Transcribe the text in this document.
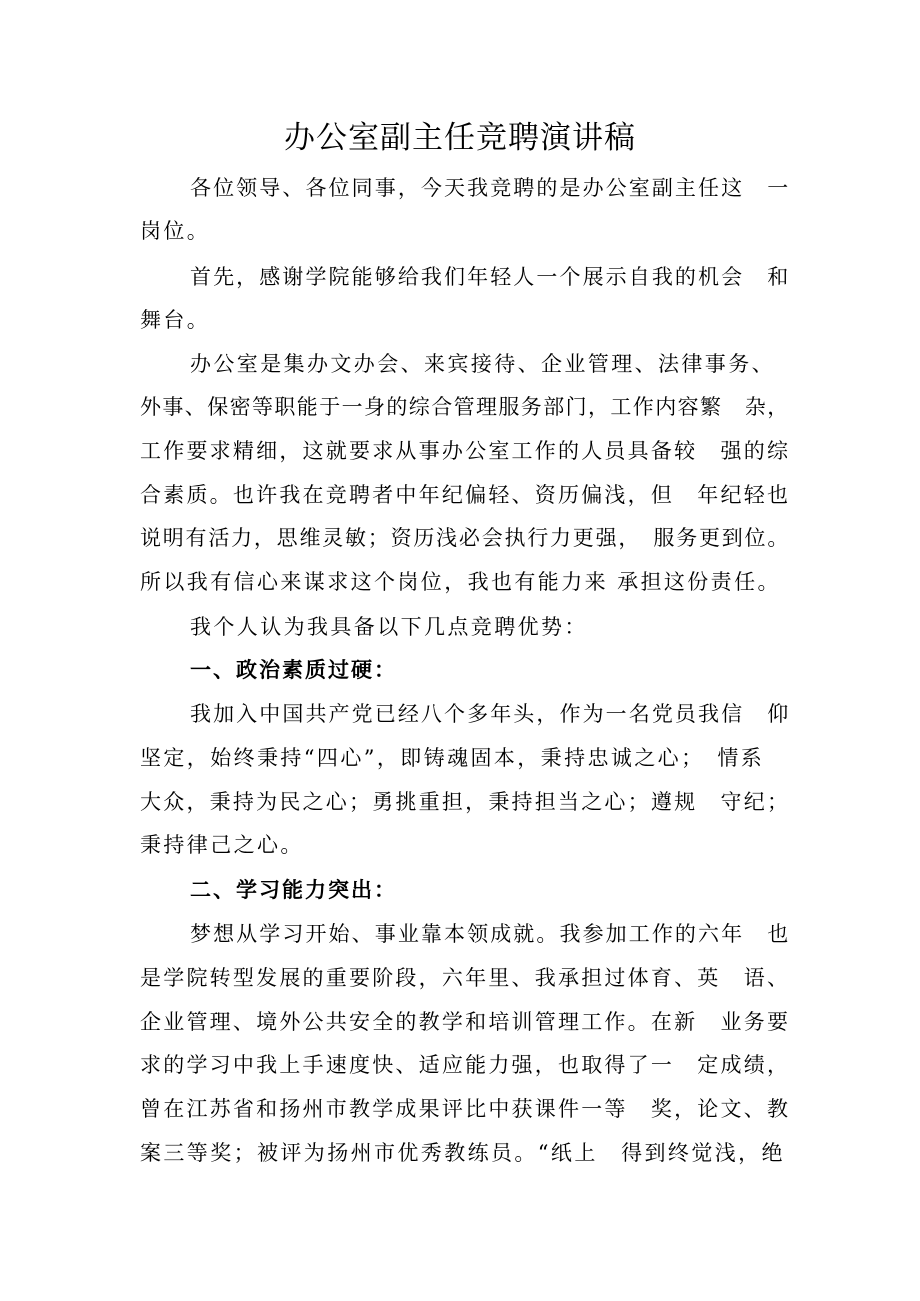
办公室副主任竞聘演讲稿
各位领导、各位同事，今天我竞聘的是办公室副主任这　一
岗位。
首先，感谢学院能够给我们年轻人一个展示自我的机会　和
舞台。
办公室是集办文办会、来宾接待、企业管理、法律事务、
外事、保密等职能于一身的综合管理服务部门，工作内容繁　杂，
工作要求精细，这就要求从事办公室工作的人员具备较　强的综
合素质。也许我在竞聘者中年纪偏轻、资历偏浅，但　年纪轻也
说明有活力，思维灵敏；资历浅必会执行力更强，　服务更到位。
所以我有信心来谋求这个岗位，我也有能力来 承担这份责任。
我个人认为我具备以下几点竞聘优势：
一、政治素质过硬：
我加入中国共产党已经八个多年头，作为一名党员我信　仰
坚定，始终秉持“四心”，即铸魂固本，秉持忠诚之心；　情系
大众，秉持为民之心；勇挑重担，秉持担当之心；遵规　守纪；
秉持律己之心。
二、学习能力突出：
梦想从学习开始、事业靠本领成就。我参加工作的六年　也
是学院转型发展的重要阶段，六年里、我承担过体育、英　语、
企业管理、境外公共安全的教学和培训管理工作。在新　业务要
求的学习中我上手速度快、适应能力强，也取得了一　定成绩，
曾在江苏省和扬州市教学成果评比中获课件一等　奖，论文、教
案三等奖；被评为扬州市优秀教练员。“纸上　得到终觉浅，绝
